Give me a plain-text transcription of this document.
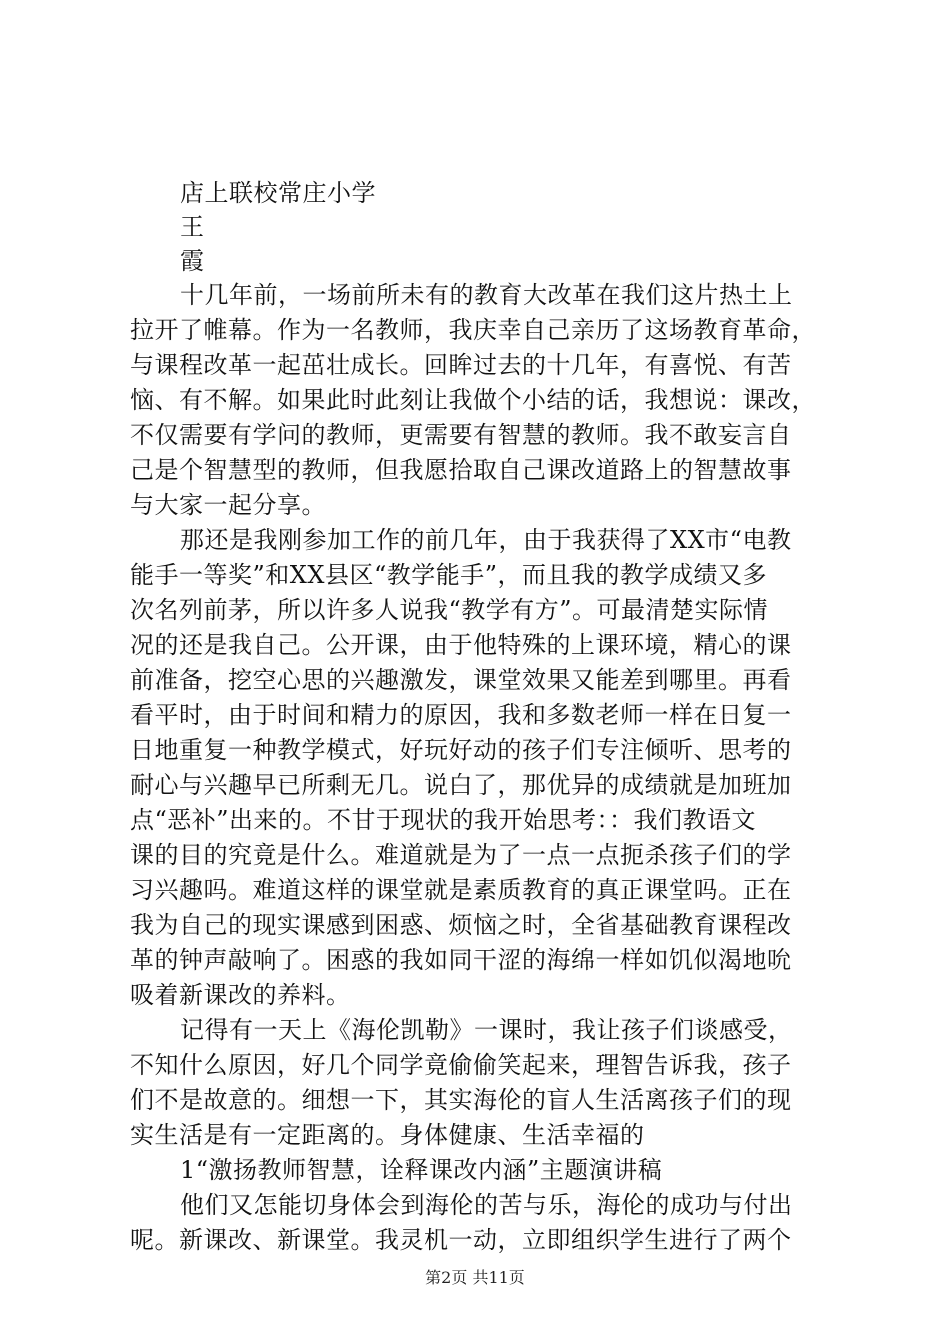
店上联校常庄小学
王
霞
十几年前，一场前所未有的教育大改革在我们这片热土上
拉开了帷幕。作为一名教师，我庆幸自己亲历了这场教育革命，
与课程改革一起茁壮成长。回眸过去的十几年，有喜悦、有苦
恼、有不解。如果此时此刻让我做个小结的话，我想说：课改，
不仅需要有学问的教师，更需要有智慧的教师。我不敢妄言自
己是个智慧型的教师，但我愿拾取自己课改道路上的智慧故事
与大家一起分享。
那还是我刚参加工作的前几年，由于我获得了XX市“电教
能手一等奖”和XX县区“教学能手”，而且我的教学成绩又多
次名列前茅，所以许多人说我“教学有方”。可最清楚实际情
况的还是我自己。公开课，由于他特殊的上课环境，精心的课
前准备，挖空心思的兴趣激发，课堂效果又能差到哪里。再看
看平时，由于时间和精力的原因，我和多数老师一样在日复一
日地重复一种教学模式，好玩好动的孩子们专注倾听、思考的
耐心与兴趣早已所剩无几。说白了，那优异的成绩就是加班加
点“恶补”出来的。不甘于现状的我开始思考：：我们教语文
课的目的究竟是什么。难道就是为了一点一点扼杀孩子们的学
习兴趣吗。难道这样的课堂就是素质教育的真正课堂吗。正在
我为自己的现实课感到困惑、烦恼之时，全省基础教育课程改
革的钟声敲响了。困惑的我如同干涩的海绵一样如饥似渴地吮
吸着新课改的养料。
记得有一天上《海伦凯勒》一课时，我让孩子们谈感受，
不知什么原因，好几个同学竟偷偷笑起来，理智告诉我，孩子
们不是故意的。细想一下，其实海伦的盲人生活离孩子们的现
实生活是有一定距离的。身体健康、生活幸福的
1“激扬教师智慧，诠释课改内涵”主题演讲稿
他们又怎能切身体会到海伦的苦与乐，海伦的成功与付出
呢。新课改、新课堂。我灵机一动，立即组织学生进行了两个
第2页 共11页
